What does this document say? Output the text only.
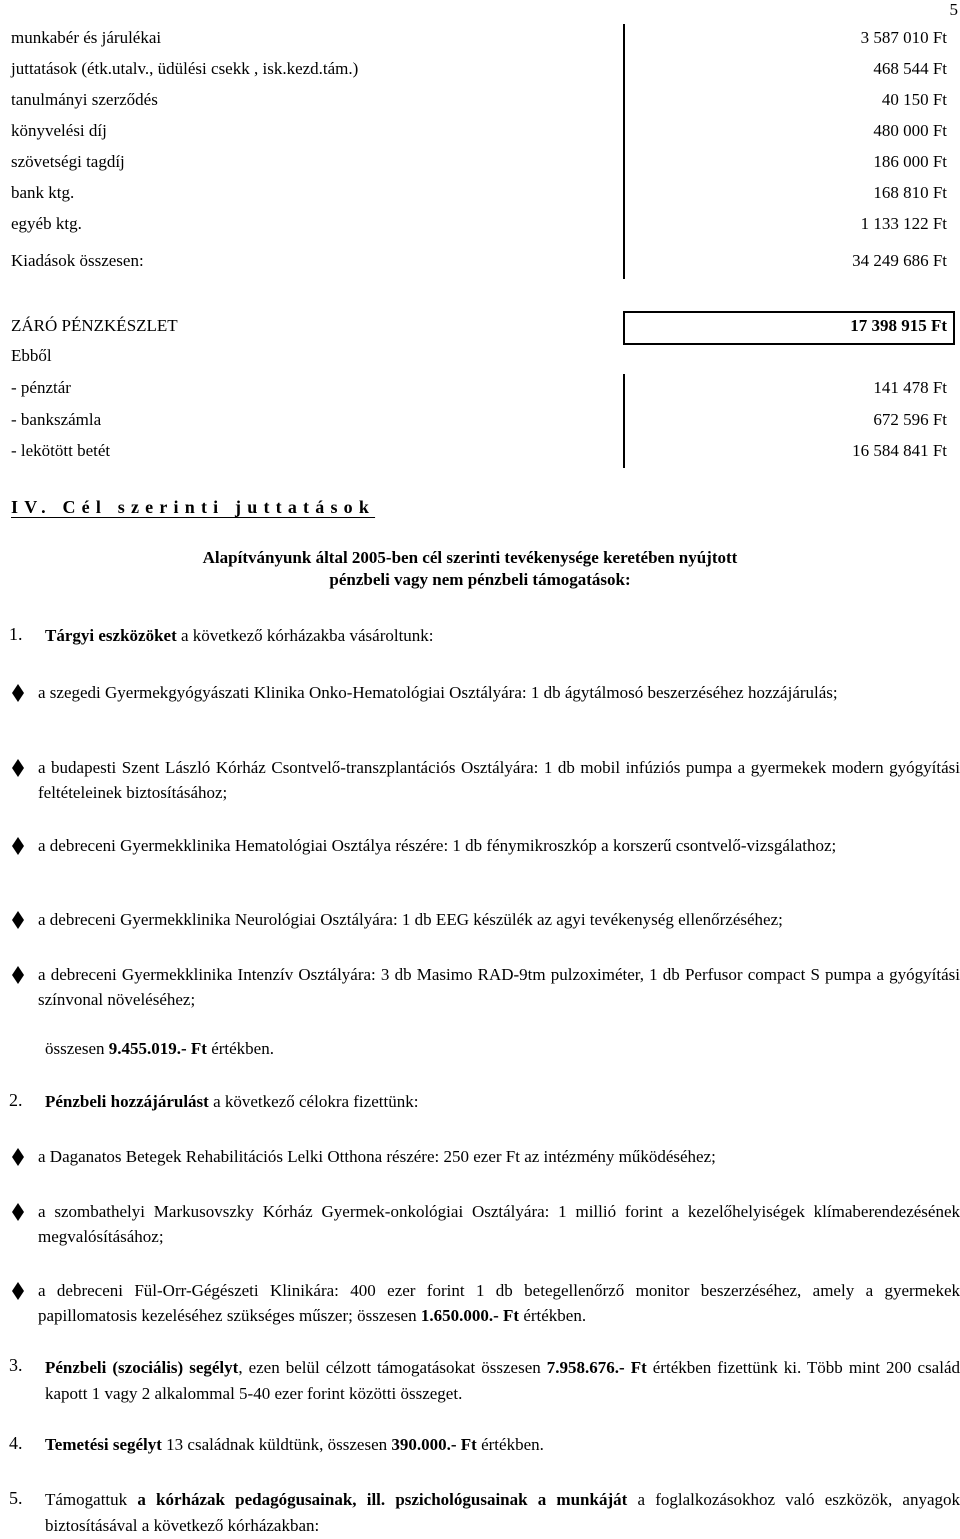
5
munkabér és járulékai	3 587 010 Ft
juttatások (étk.utalv., üdülési csekk , isk.kezd.tám.)	468 544 Ft
tanulmányi szerződés	40 150 Ft
könyvelési díj	480 000 Ft
szövetségi tagdíj	186 000 Ft
bank ktg.	168 810 Ft
egyéb ktg.	1 133 122 Ft
Kiadások összesen:	34 249 686 Ft
ZÁRÓ PÉNZKÉSZLET	17 398 915 Ft
Ebből
- pénztár	141 478 Ft
- bankszámla	672 596 Ft
- lekötött betét	16 584 841 Ft
IV. Cél szerinti juttatások
Alapítványunk által 2005-ben cél szerinti tevékenysége keretében nyújtott
pénzbeli vagy nem pénzbeli támogatások:
1. Tárgyi eszközöket a következő kórházakba vásároltunk:
a szegedi Gyermekgyógyászati Klinika Onko-Hematológiai Osztályára: 1 db ágytálmosó beszerzéséhez hozzájárulás;
a budapesti Szent László Kórház Csontvelő-transzplantációs Osztályára: 1 db mobil infúziós pumpa a gyermekek modern gyógyítási feltételeinek biztosításához;
a debreceni Gyermekklinika Hematológiai Osztálya részére: 1 db fénymikroszkóp a korszerű csontvelő-vizsgálathoz;
a debreceni Gyermekklinika Neurológiai Osztályára: 1 db EEG készülék az agyi tevékenység ellenőrzéséhez;
a debreceni Gyermekklinika Intenzív Osztályára: 3 db Masimo RAD-9tm pulzoximéter, 1 db Perfusor compact S pumpa a gyógyítási színvonal növeléséhez;
összesen 9.455.019.- Ft értékben.
2. Pénzbeli hozzájárulást a következő célokra fizettünk:
a Daganatos Betegek Rehabilitációs Lelki Otthona részére: 250 ezer Ft az intézmény működéséhez;
a szombathelyi Markusovszky Kórház Gyermek-onkológiai Osztályára: 1 millió forint a kezelőhelyiségek klímaberendezésének megvalósításához;
a debreceni Fül-Orr-Gégészeti Klinikára: 400 ezer forint 1 db betegellenőrző monitor beszerzéséhez, amely a gyermekek papillomatosis kezeléséhez szükséges műszer; összesen 1.650.000.- Ft értékben.
3. Pénzbeli (szociális) segélyt, ezen belül célzott támogatásokat összesen 7.958.676.- Ft értékben fizettünk ki. Több mint 200 család kapott 1 vagy 2 alkalommal 5-40 ezer forint közötti összeget.
4. Temetési segélyt 13 családnak küldtünk, összesen 390.000.- Ft értékben.
5. Támogattuk a kórházak pedagógusainak, ill. pszichológusainak a munkáját a foglalkozásokhoz való eszközök, anyagok biztosításával a következő kórházakban:
